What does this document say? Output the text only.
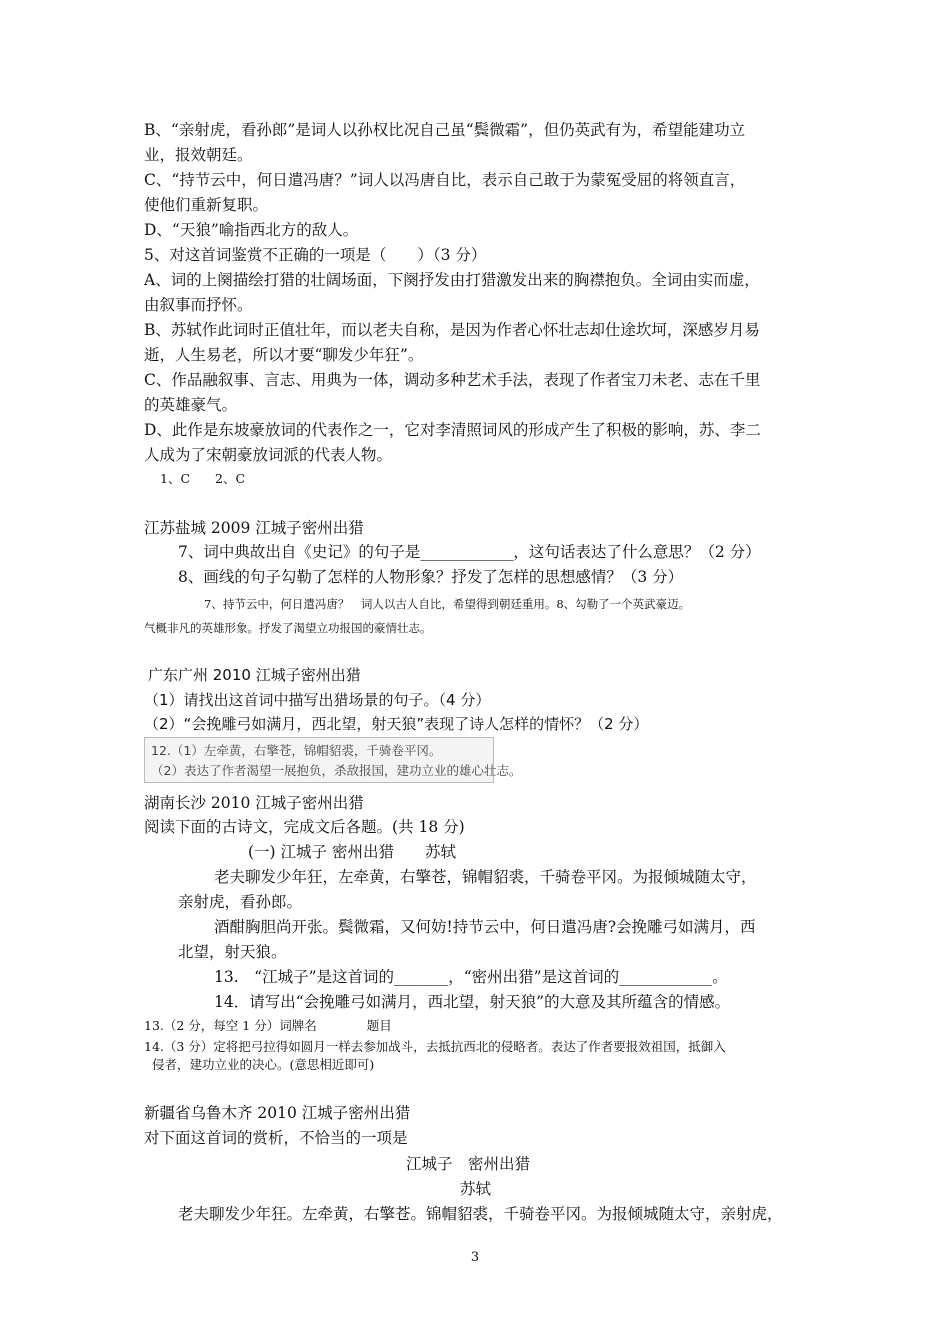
B、“亲射虎，看孙郎”是词人以孙权比况自己虽“鬓微霜”，但仍英武有为，希望能建功立
业，报效朝廷。
C、“持节云中，何日遣冯唐？”词人以冯唐自比，表示自己敢于为蒙冤受屈的将领直言，
使他们重新复职。
D、“天狼”喻指西北方的敌人。
5、对这首词鉴赏不正确的一项是（　　）（3 分）
A、词的上阕描绘打猎的壮阔场面，下阕抒发由打猎激发出来的胸襟抱负。全词由实而虚，
由叙事而抒怀。
B、苏轼作此词时正值壮年，而以老夫自称，是因为作者心怀壮志却仕途坎坷，深感岁月易
逝，人生易老，所以才要“聊发少年狂”。
C、作品融叙事、言志、用典为一体，调动多种艺术手法，表现了作者宝刀未老、志在千里
的英雄豪气。
D、此作是东坡豪放词的代表作之一，它对李清照词风的形成产生了积极的影响，苏、李二
人成为了宋朝豪放词派的代表人物。
1、C　　2、C
江苏盐城 2009 江城子密州出猎
7、词中典故出自《史记》的句子是____________，这句话表达了什么意思？（2 分）
8、画线的句子勾勒了怎样的人物形象？抒发了怎样的思想感情？（3 分）
7、持节云中，何日遣冯唐？　词人以古人自比，希望得到朝廷重用。8、勾勒了一个英武豪迈。
气概非凡的英雄形象。抒发了渴望立功报国的豪情壮志。
广东广州 2010 江城子密州出猎
（1）请找出这首词中描写出猎场景的句子。（4 分）
（2）“会挽雕弓如满月，西北望，射天狼”表现了诗人怎样的情怀？（2 分）
12.（1）左牵黄，右擎苍，锦帽貂裘，千骑卷平冈。
（2）表达了作者渴望一展抱负，杀敌报国，建功立业的雄心壮志。
湖南长沙 2010 江城子密州出猎
阅读下面的古诗文，完成文后各题。(共 18 分)
(一) 江城子 密州出猎　　苏轼
老夫聊发少年狂，左牵黄，右擎苍，锦帽貂裘，千骑卷平冈。为报倾城随太守，
亲射虎，看孙郎。
酒酣胸胆尚开张。鬓微霜，又何妨!持节云中，何日遣冯唐?会挽雕弓如满月，西
北望，射天狼。
13.　“江城子”是这首词的_______，“密州出猎”是这首词的____________。
14．请写出“会挽雕弓如满月，西北望，射天狼”的大意及其所蕴含的情感。
13.（2 分，每空 1 分）词牌名　　　　题目
14.（3 分）定将把弓拉得如圆月一样去参加战斗，去抵抗西北的侵略者。表达了作者要报效祖国，抵御入
侵者，建功立业的决心。(意思相近即可)
新疆省乌鲁木齐 2010 江城子密州出猎
对下面这首词的赏析，不恰当的一项是
江城子　密州出猎
苏轼
老夫聊发少年狂。左牵黄，右擎苍。锦帽貂裘，千骑卷平冈。为报倾城随太守，亲射虎，
3
